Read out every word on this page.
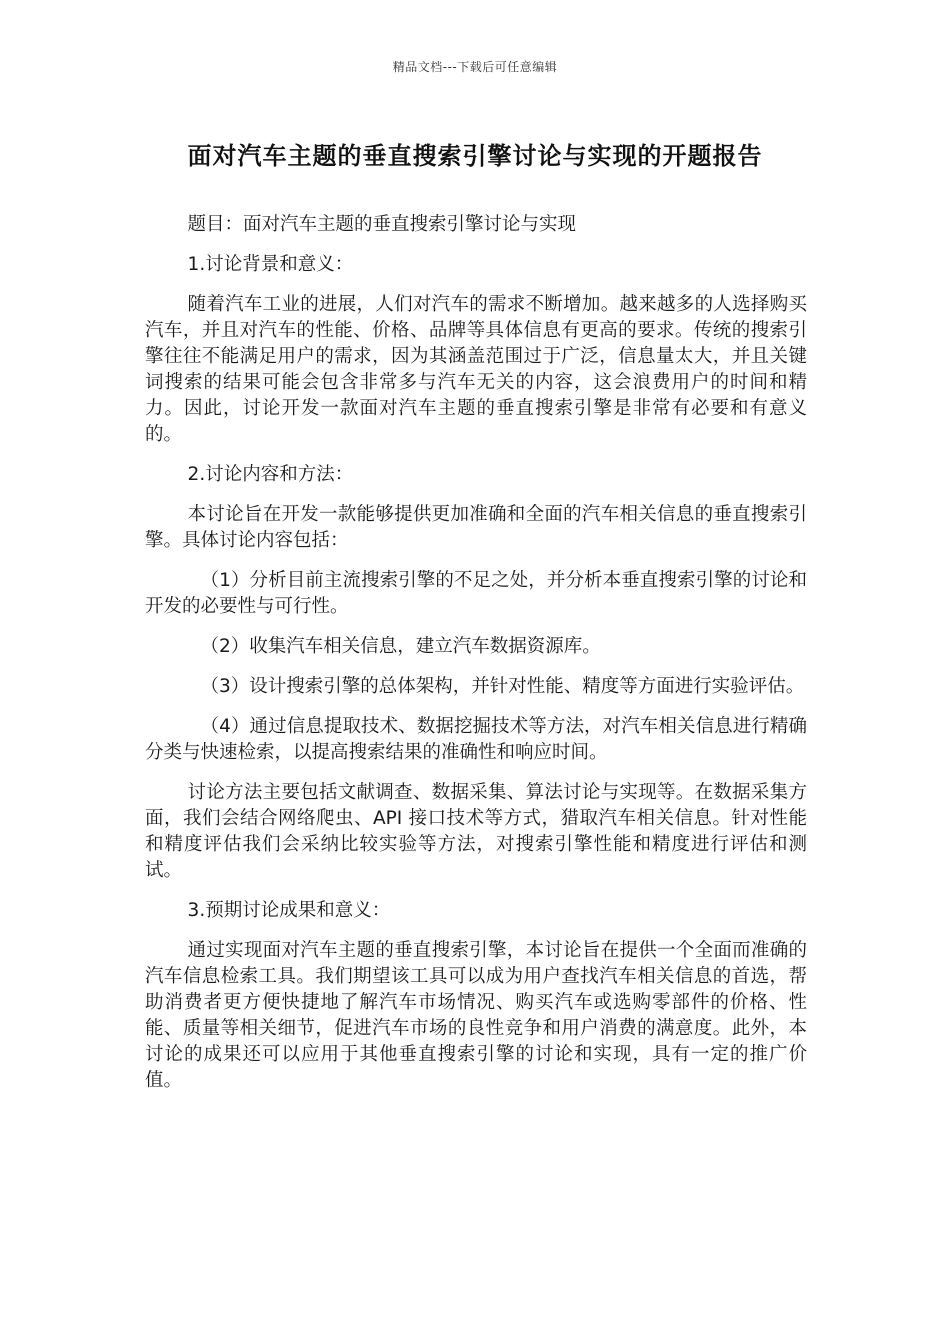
精品文档---下载后可任意编辑
面对汽车主题的垂直搜索引擎讨论与实现的开题报告

题目：面对汽车主题的垂直搜索引擎讨论与实现

1.讨论背景和意义：

随着汽车工业的进展，人们对汽车的需求不断增加。越来越多的人选择购买汽车，并且对汽车的性能、价格、品牌等具体信息有更高的要求。传统的搜索引擎往往不能满足用户的需求，因为其涵盖范围过于广泛，信息量太大，并且关键词搜索的结果可能会包含非常多与汽车无关的内容，这会浪费用户的时间和精力。因此，讨论开发一款面对汽车主题的垂直搜索引擎是非常有必要和有意义的。

2.讨论内容和方法：

本讨论旨在开发一款能够提供更加准确和全面的汽车相关信息的垂直搜索引擎。具体讨论内容包括：

（1）分析目前主流搜索引擎的不足之处，并分析本垂直搜索引擎的讨论和开发的必要性与可行性。

（2）收集汽车相关信息，建立汽车数据资源库。

（3）设计搜索引擎的总体架构，并针对性能、精度等方面进行实验评估。

（4）通过信息提取技术、数据挖掘技术等方法，对汽车相关信息进行精确分类与快速检索，以提高搜索结果的准确性和响应时间。

讨论方法主要包括文献调查、数据采集、算法讨论与实现等。在数据采集方面，我们会结合网络爬虫、API 接口技术等方式，猎取汽车相关信息。针对性能和精度评估我们会采纳比较实验等方法，对搜索引擎性能和精度进行评估和测试。

3.预期讨论成果和意义：

通过实现面对汽车主题的垂直搜索引擎，本讨论旨在提供一个全面而准确的汽车信息检索工具。我们期望该工具可以成为用户查找汽车相关信息的首选，帮助消费者更方便快捷地了解汽车市场情况、购买汽车或选购零部件的价格、性能、质量等相关细节，促进汽车市场的良性竞争和用户消费的满意度。此外，本讨论的成果还可以应用于其他垂直搜索引擎的讨论和实现，具有一定的推广价值。
